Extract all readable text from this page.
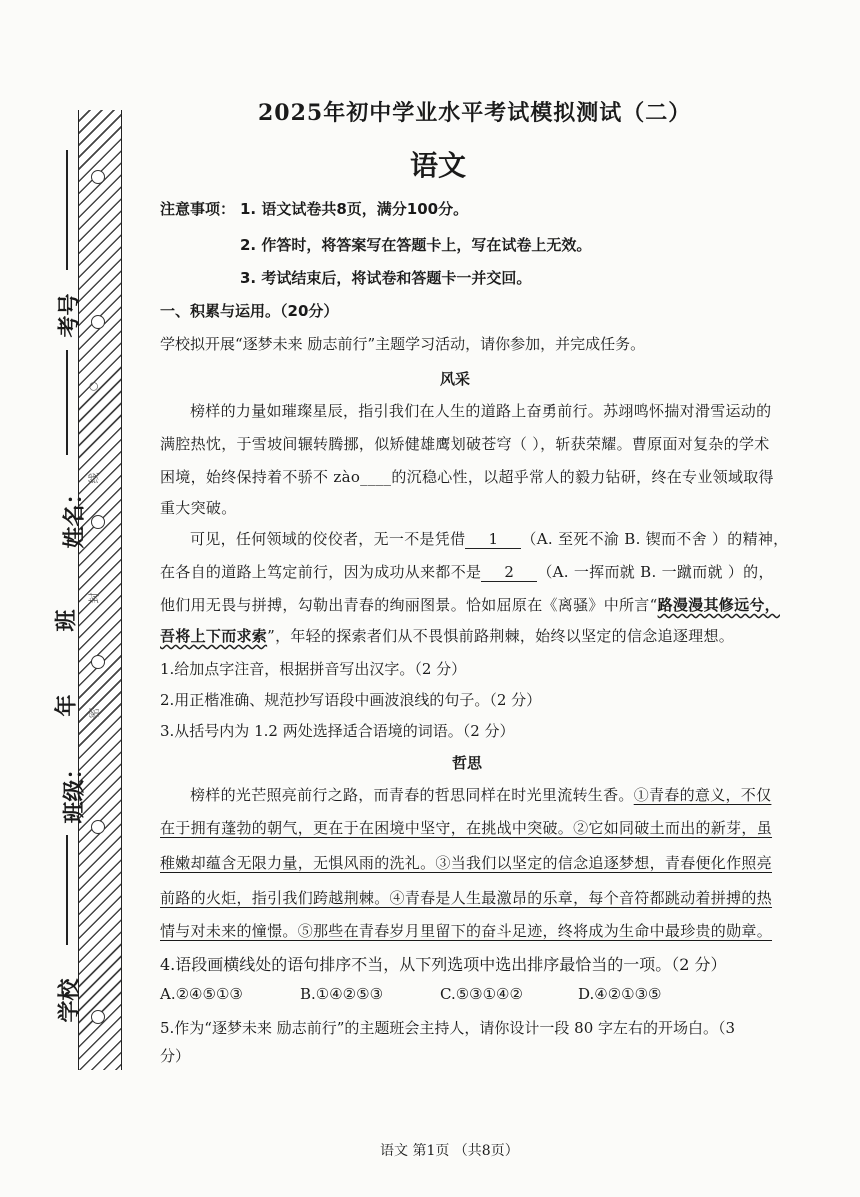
○
线
封
密
考号
姓名：
班
年
班级：
学校
2025年初中学业水平考试模拟测试（二）
语文
注意事项： 1. 语文试卷共8页，满分100分。
2. 作答时，将答案写在答题卡上，写在试卷上无效。
3. 考试结束后，将试卷和答题卡一并交回。
一、积累与运用。（20分）
学校拟开展“逐梦未来 励志前行”主题学习活动，请你参加，并完成任务。
风采
榜样的力量如璀璨星辰，指引我们在人生的道路上奋勇前行。苏翊鸣怀揣对滑雪运动的
满腔热忱，于雪坡间辗转腾挪，似矫健雄鹰划破苍穹（ ），斩获荣耀。曹原面对复杂的学术
困境，始终保持着不骄不 zào____的沉稳心性，以超乎常人的毅力钻研，终在专业领域取得
重大突破。
可见，任何领域的佼佼者，无一不是凭借 1 （A. 至死不渝 B. 锲而不舍 ）的精神，
在各自的道路上笃定前行，因为成功从来都不是 2 （A. 一挥而就 B. 一蹴而就 ）的，
他们用无畏与拼搏，勾勒出青春的绚丽图景。恰如屈原在《离骚》中所言“路漫漫其修远兮，
吾将上下而求索”，年轻的探索者们从不畏惧前路荆棘，始终以坚定的信念追逐理想。
1.给加点字注音，根据拼音写出汉字。（2 分）
2.用正楷准确、规范抄写语段中画波浪线的句子。（2 分）
3.从括号内为 1.2 两处选择适合语境的词语。（2 分）
哲思
榜样的光芒照亮前行之路，而青春的哲思同样在时光里流转生香。①青春的意义，不仅
在于拥有蓬勃的朝气，更在于在困境中坚守，在挑战中突破。②它如同破土而出的新芽，虽
稚嫩却蕴含无限力量，无惧风雨的洗礼。③当我们以坚定的信念追逐梦想，青春便化作照亮
前路的火炬，指引我们跨越荆棘。④青春是人生最激昂的乐章，每个音符都跳动着拼搏的热
情与对未来的憧憬。⑤那些在青春岁月里留下的奋斗足迹，终将成为生命中最珍贵的勋章。
4.语段画横线处的语句排序不当，从下列选项中选出排序最恰当的一项。（2 分）
A.②④⑤①③	B.①④②⑤③	C.⑤③①④②	D.④②①③⑤
5.作为“逐梦未来 励志前行”的主题班会主持人，请你设计一段 80 字左右的开场白。（3
分）
语文 第1页 （共8页）
